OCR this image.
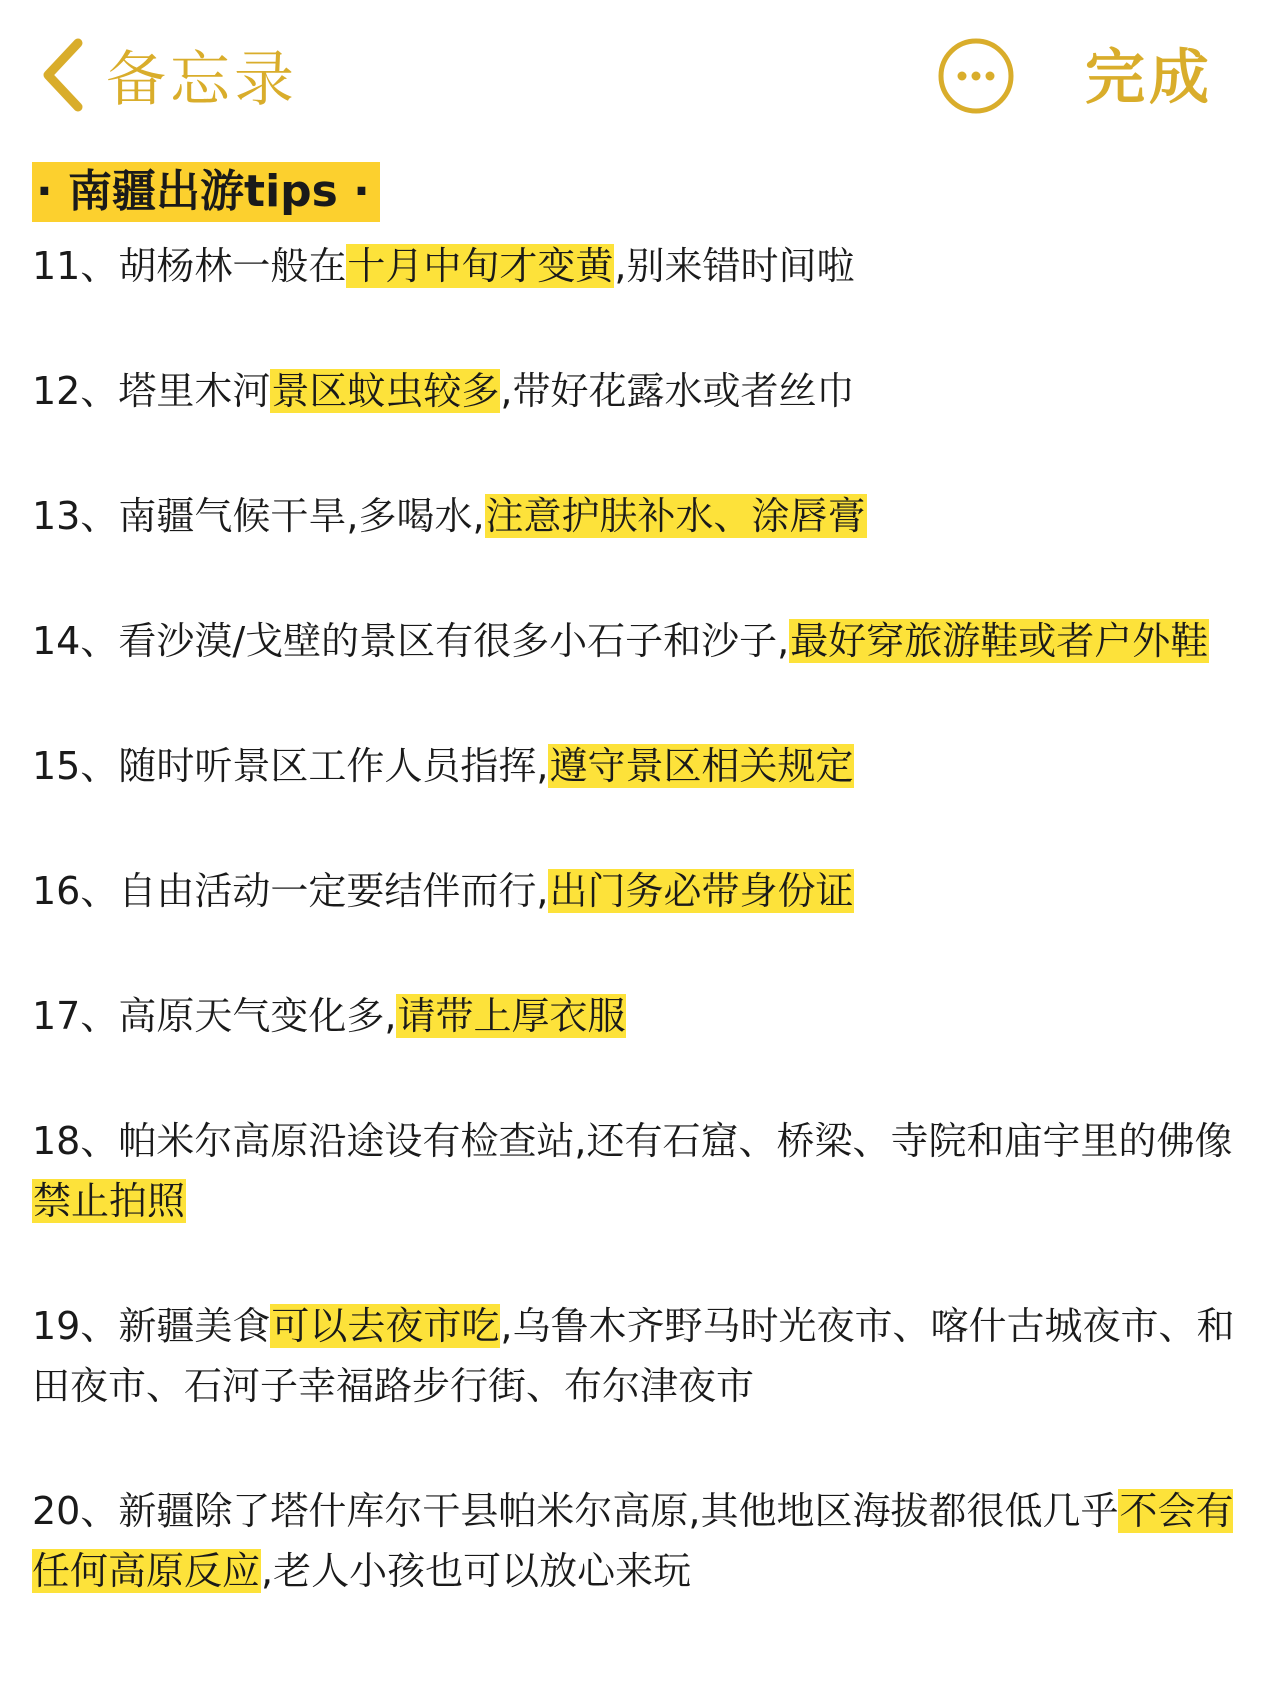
备忘录	完成
· 南疆出游tips ·

11、胡杨林一般在十月中旬才变黄,别来错时间啦

12、塔里木河景区蚊虫较多,带好花露水或者丝巾

13、南疆气候干旱,多喝水,注意护肤补水、涂唇膏

14、看沙漠/戈壁的景区有很多小石子和沙子,最好穿旅游鞋或者户外鞋

15、随时听景区工作人员指挥,遵守景区相关规定

16、自由活动一定要结伴而行,出门务必带身份证

17、高原天气变化多,请带上厚衣服

18、帕米尔高原沿途设有检查站,还有石窟、桥梁、寺院和庙宇里的佛像禁止拍照

19、新疆美食可以去夜市吃,乌鲁木齐野马时光夜市、喀什古城夜市、和田夜市、石河子幸福路步行街、布尔津夜市

20、新疆除了塔什库尔干县帕米尔高原,其他地区海拔都很低几乎不会有任何高原反应,老人小孩也可以放心来玩
